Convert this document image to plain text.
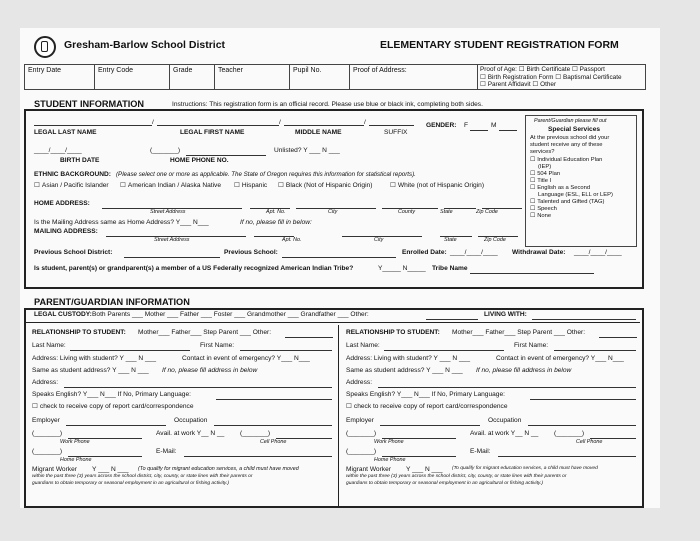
Gresham-Barlow School District	ELEMENTARY STUDENT REGISTRATION FORM
Entry Date	Entry Code	Grade	Teacher	Pupil No.	Proof of Address:	Proof of Age: ☐ Birth Certificate ☐ Passport
☐ Birth Registration Form ☐ Baptismal Certificate
☐ Parent Affidavit ☐ Other
STUDENT INFORMATION	Instructions: This registration form is an official record. Please use blue or black ink, completing both sides.
/	/	/
LEGAL LAST NAME	LEGAL FIRST NAME	MIDDLE NAME	SUFFIX
GENDER: F	M
____/____/____	(_______)	Unlisted? Y ___ N ___
BIRTH DATE	HOME PHONE NO.
ETHNIC BACKGROUND: (Please select one or more as applicable. The State of Oregon requires this information for statistical reports).
☐ Asian / Pacific Islander	☐ American Indian / Alaska Native	☐ Hispanic	☐ Black (Not of Hispanic Origin)	☐ White (not of Hispanic Origin)
HOME ADDRESS:
Street Address	Apt. No.	City	County	State	Zip Code
Is the Mailing Address same as Home Address? Y___ N___	If no, please fill in below:
MAILING ADDRESS:
Street Address	Apt. No.	City	State	Zip Code
Previous School District:	Previous School:	Enrolled Date: ____/____/____ Withdrawal Date: ____/____/____
Is student, parent(s) or grandparent(s) a member of a US Federally recognized American Indian Tribe?	Y_____ N_____ Tribe Name
Parent/Guardian please fill out
Special Services
At the previous school did your
student receive any of these
services?
☐ Individual Education Plan
(IEP)
☐ 504 Plan
☐ Title I
☐ English as a Second
Language (ESL, ELL or LEP)
☐ Talented and Gifted (TAG)
☐ Speech
☐ None
PARENT/GUARDIAN INFORMATION
LEGAL CUSTODY: Both Parents ___ Mother ___ Father ___ Foster ___ Grandmother ___ Grandfather ___ Other:	LIVING WITH:
RELATIONSHIP TO STUDENT: Mother___ Father___ Step Parent ___ Other:
Last Name:	First Name:
Address: Living with student? Y ___ N ___	Contact in event of emergency? Y___ N___
Same as student address? Y ___ N ___ If no, please fill address in below
Address:
Speaks English? Y___ N___ If No, Primary Language:
☐ check to receive copy of report card/correspondence
Employer	Occupation
(_______)	Avail. at work Y__ N __ (_______)
Work Phone	Cell Phone
(_______)	E-Mail:
Home Phone
Migrant Worker Y ___ N ___ (To qualify for migrant education services, a child must have moved
within the past three (3) years across the school district, city, county, or state lines with their parents or
guardians to obtain temporary or seasonal employment in an agricultural or fishing activity.)
RELATIONSHIP TO STUDENT: Mother___ Father___ Step Parent ___ Other:
Last Name:	First Name:
Address: Living with student? Y ___ N ___	Contact in event of emergency? Y___ N___
Same as student address? Y ___ N ___ If no, please fill address in below
Address:
Speaks English? Y___ N___ If No, Primary Language:
☐ check to receive copy of report card/correspondence
Employer	Occupation
(_______)	Avail. at work Y__ N __ (_______)
Work Phone	Cell Phone
(_______)	E-Mail:
Home Phone
Migrant Worker Y ___ N ___ (To qualify for migrant education services, a child must have moved
within the past three (3) years across the school district, city, county, or state lines with their parents or
guardians to obtain temporary or seasonal employment in an agricultural or fishing activity.)
